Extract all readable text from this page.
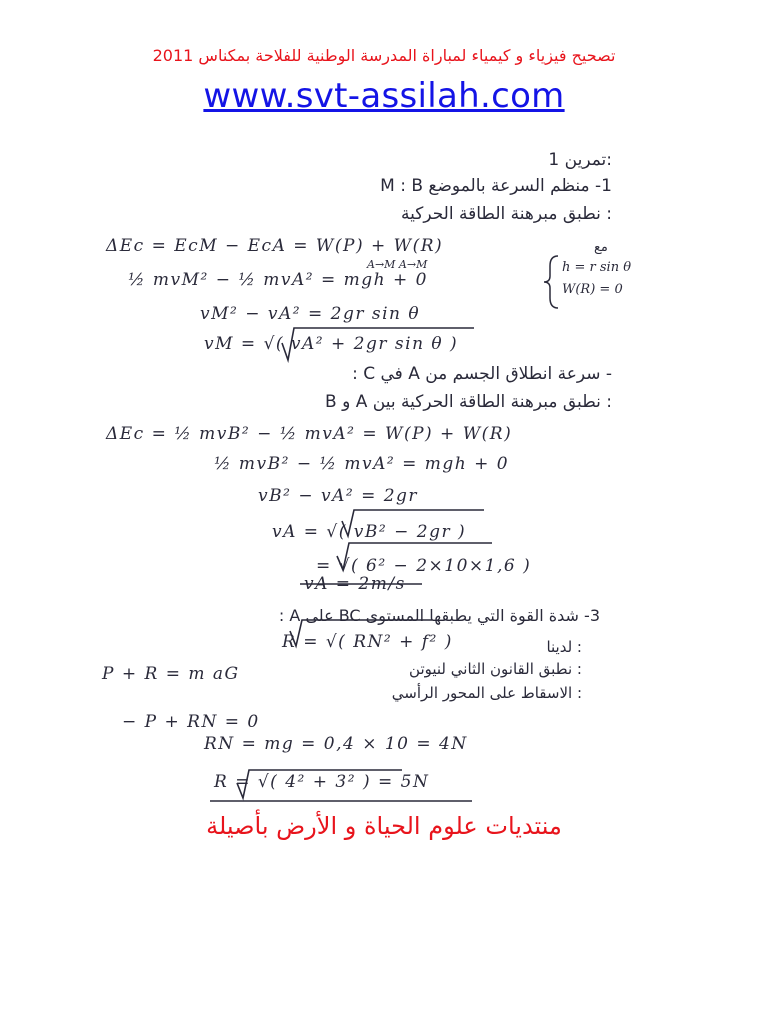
تصحيح فيزياء و كيمياء لمباراة المدرسة الوطنية للفلاحة بمكناس 2011
www.svt-assilah.com
:تمرين 1
1- منظم السرعة بالموضع M : B
: نطبق مبرهنة الطاقة الحركية
ΔEc = EcM − EcA = W(P) + W(R)
A→M A→M
مع
h = r sin θ
W(R) = 0
½ mvM² − ½ mvA² = mgh + 0
vM² − vA² = 2gr sin θ
vM = √( vA² + 2gr sin θ )
- سرعة انطلاق الجسم من A في C :
: نطبق مبرهنة الطاقة الحركية بين A و B
ΔEc = ½ mvB² − ½ mvA² = W(P) + W(R)
½ mvB² − ½ mvA² = mgh + 0
vB² − vA² = 2gr
vA = √( vB² − 2gr )
= √( 6² − 2×10×1,6 )
vA = 2m/s
3- شدة القوة التي يطبقها المستوى BC على A :
R = √( RN² + f² )	: لدينا
: نطبق القانون الثاني لنيوتن
P + R = m aG
: الاسقاط على المحور الرأسي
− P + RN = 0
RN = mg = 0,4 × 10 = 4N
R = √( 4² + 3² ) = 5N
منتديات علوم الحياة و الأرض بأصيلة
